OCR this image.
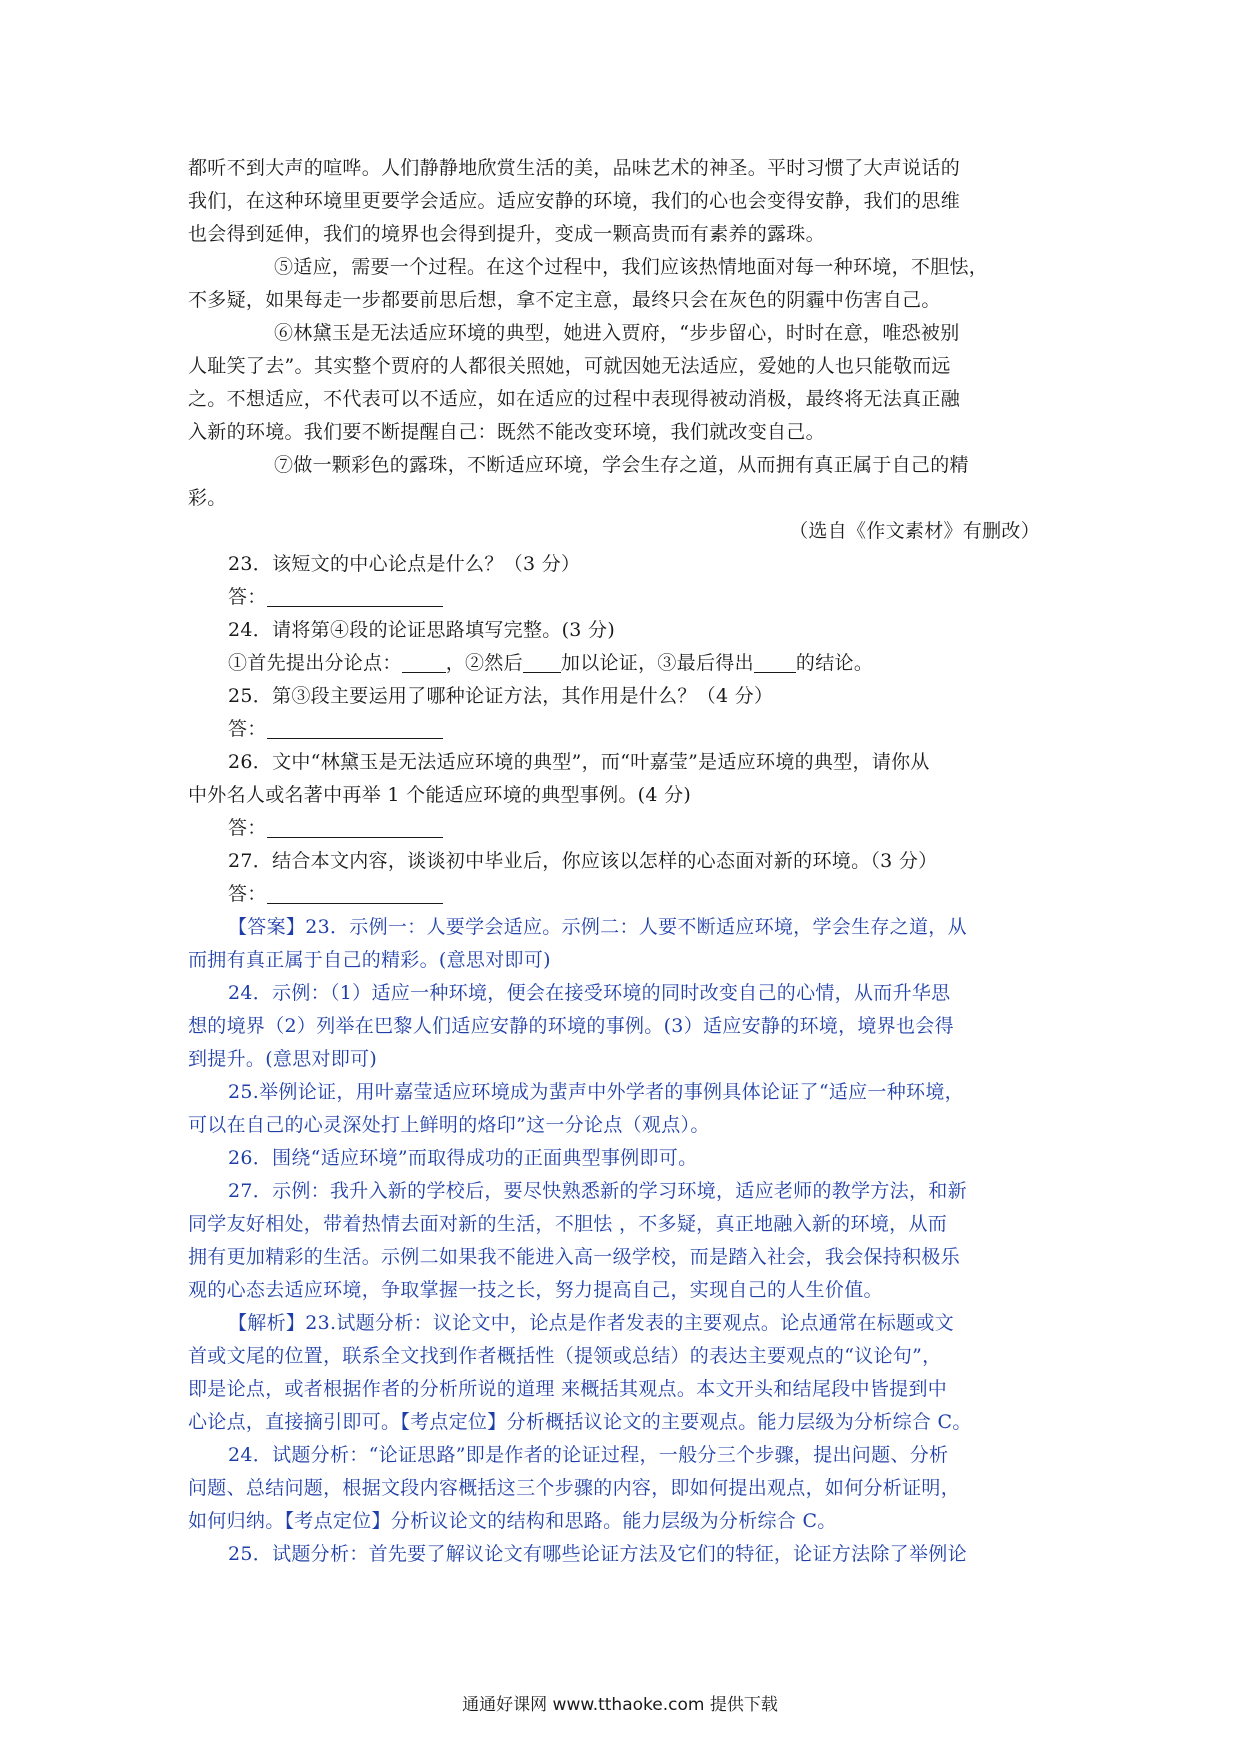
都听不到大声的喧哗。人们静静地欣赏生活的美，品味艺术的神圣。平时习惯了大声说话的
我们，在这种环境里更要学会适应。适应安静的环境，我们的心也会变得安静，我们的思维
也会得到延伸，我们的境界也会得到提升，变成一颗高贵而有素养的露珠。
⑤适应，需要一个过程。在这个过程中，我们应该热情地面对每一种环境，不胆怯，
不多疑，如果每走一步都要前思后想，拿不定主意，最终只会在灰色的阴霾中伤害自己。
⑥林黛玉是无法适应环境的典型，她进入贾府，“步步留心，时时在意，唯恐被别
人耻笑了去”。其实整个贾府的人都很关照她，可就因她无法适应，爱她的人也只能敬而远
之。不想适应，不代表可以不适应，如在适应的过程中表现得被动消极，最终将无法真正融
入新的环境。我们要不断提醒自己：既然不能改变环境，我们就改变自己。
⑦做一颗彩色的露珠，不断适应环境，学会生存之道，从而拥有真正属于自己的精
彩。
（选自《作文素材》有删改）
23．该短文的中心论点是什么？（3 分）
答：
24．请将第④段的论证思路填写完整。(3 分)
①首先提出分论点： ，②然后 加以论证，③最后得出 的结论。
25．第③段主要运用了哪种论证方法，其作用是什么？（4 分）
答：
26．文中“林黛玉是无法适应环境的典型”，而“叶嘉莹”是适应环境的典型，请你从
中外名人或名著中再举 1 个能适应环境的典型事例。(4 分)
答：
27．结合本文内容，谈谈初中毕业后，你应该以怎样的心态面对新的环境。（3 分）
答：
【答案】23．示例一：人要学会适应。示例二：人要不断适应环境，学会生存之道，从
而拥有真正属于自己的精彩。(意思对即可)
24．示例：（1）适应一种环境，便会在接受环境的同时改变自己的心情，从而升华思
想的境界（2）列举在巴黎人们适应安静的环境的事例。(3）适应安静的环境，境界也会得
到提升。(意思对即可)
25.举例论证，用叶嘉莹适应环境成为蜚声中外学者的事例具体论证了“适应一种环境，
可以在自己的心灵深处打上鲜明的烙印”这一分论点（观点）。
26．围绕“适应环境”而取得成功的正面典型事例即可。
27．示例：我升入新的学校后，要尽快熟悉新的学习环境，适应老师的教学方法，和新
同学友好相处，带着热情去面对新的生活，不胆怯 ，不多疑，真正地融入新的环境，从而
拥有更加精彩的生活。示例二如果我不能进入高一级学校，而是踏入社会，我会保持积极乐
观的心态去适应环境，争取掌握一技之长，努力提高自己，实现自己的人生价值。
【解析】23.试题分析：议论文中，论点是作者发表的主要观点。论点通常在标题或文
首或文尾的位置，联系全文找到作者概括性（提领或总结）的表达主要观点的“议论句”，
即是论点，或者根据作者的分析所说的道理 来概括其观点。本文开头和结尾段中皆提到中
心论点，直接摘引即可。【考点定位】分析概括议论文的主要观点。能力层级为分析综合 C。
24．试题分析：“论证思路”即是作者的论证过程，一般分三个步骤，提出问题、分析
问题、总结问题，根据文段内容概括这三个步骤的内容，即如何提出观点，如何分析证明，
如何归纳。【考点定位】分析议论文的结构和思路。能力层级为分析综合 C。
25．试题分析：首先要了解议论文有哪些论证方法及它们的特征，论证方法除了举例论
通通好课网 www.tthaoke.com 提供下载
